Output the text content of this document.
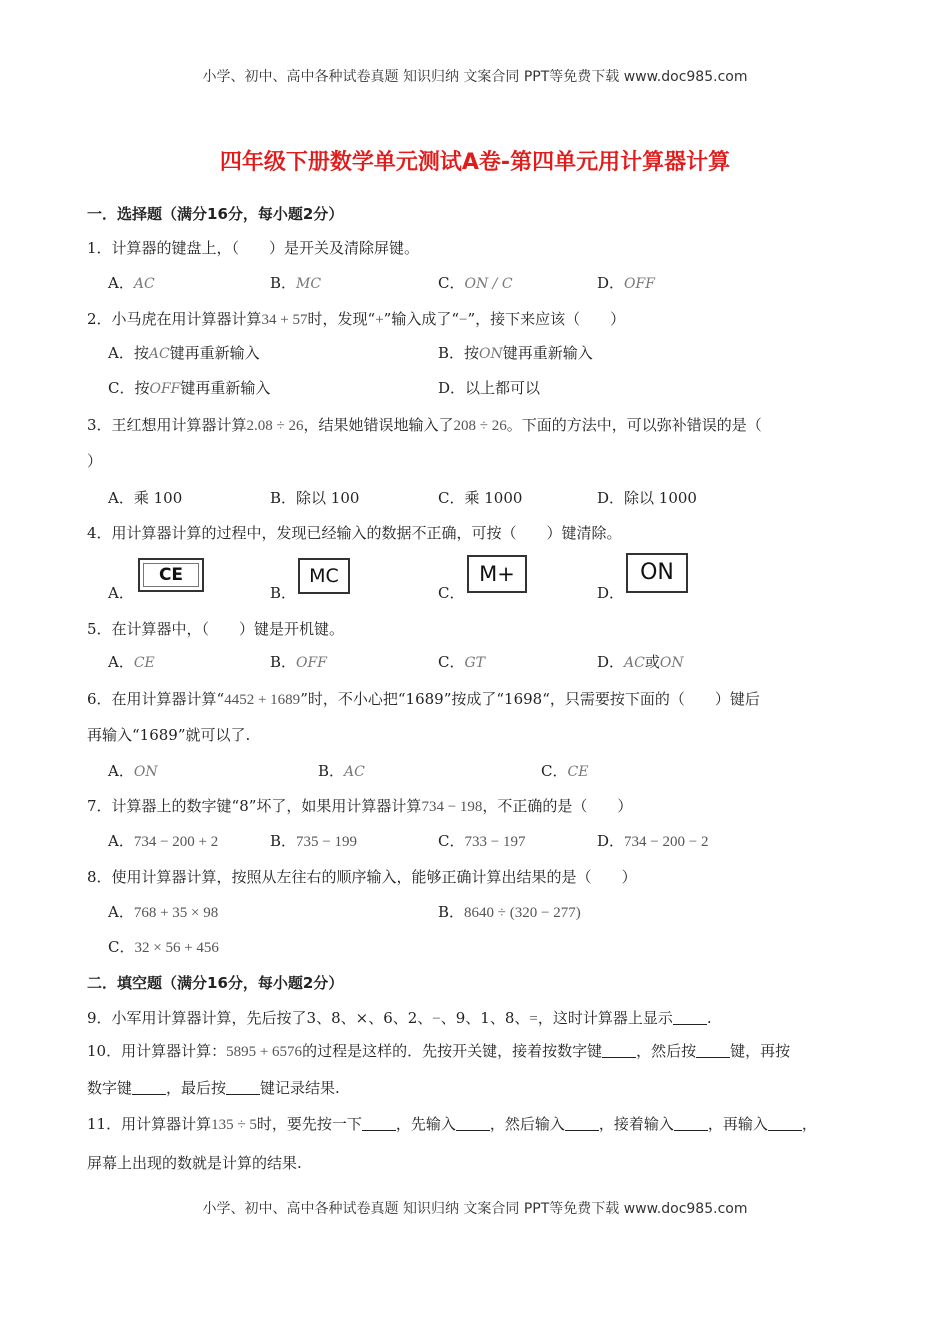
小学、初中、高中各种试卷真题 知识归纳 文案合同 PPT等免费下载 www.doc985.com
四年级下册数学单元测试A卷-第四单元用计算器计算
一．选择题（满分16分，每小题2分）
1．计算器的键盘上，（ ）是开关及清除屏键。
A．AC	B．MC	C．ON / C	D．OFF
2．小马虎在用计算器计算34 + 57时，发现“+”输入成了“−”，接下来应该（ ）
A．按AC键再重新输入	B．按ON键再重新输入
C．按OFF键再重新输入	D．以上都可以
3．王红想用计算器计算2.08 ÷ 26，结果她错误地输入了208 ÷ 26。下面的方法中，可以弥补错误的是（
）
A．乘 100	B．除以 100	C．乘 1000	D．除以 1000
4．用计算器计算的过程中，发现已经输入的数据不正确，可按（ ）键清除。
A．
CE
B．
MC
C．
M+
D．
ON
5．在计算器中，（ ）键是开机键。
A．CE	B．OFF	C．GT	D．AC或ON
6．在用计算器计算“4452 + 1689”时，不小心把“1689”按成了“1698“，只需要按下面的（ ）键后
再输入“1689”就可以了.
A．ON	B．AC	C．CE
7．计算器上的数字键“8”坏了，如果用计算器计算734 − 198，不正确的是（ ）
A．734 − 200 + 2	B．735 − 199	C．733 − 197	D．734 − 200 − 2
8．使用计算器计算，按照从左往右的顺序输入，能够正确计算出结果的是（ ）
A．768 + 35 × 98	B．8640 ÷ (320 − 277)
C．32 × 56 + 456
二．填空题（满分16分，每小题2分）
9．小军用计算器计算，先后按了3、8、×、6、2、−、9、1、8、=，这时计算器上显示 .
10．用计算器计算：5895 + 6576的过程是这样的．先按开关键，接着按数字键 ，然后按 键，再按
数字键 ，最后按 键记录结果.
11．用计算器计算135 ÷ 5时，要先按一下 ，先输入 ，然后输入 ，接着输入 ，再输入 ，
屏幕上出现的数就是计算的结果.
小学、初中、高中各种试卷真题 知识归纳 文案合同 PPT等免费下载 www.doc985.com
